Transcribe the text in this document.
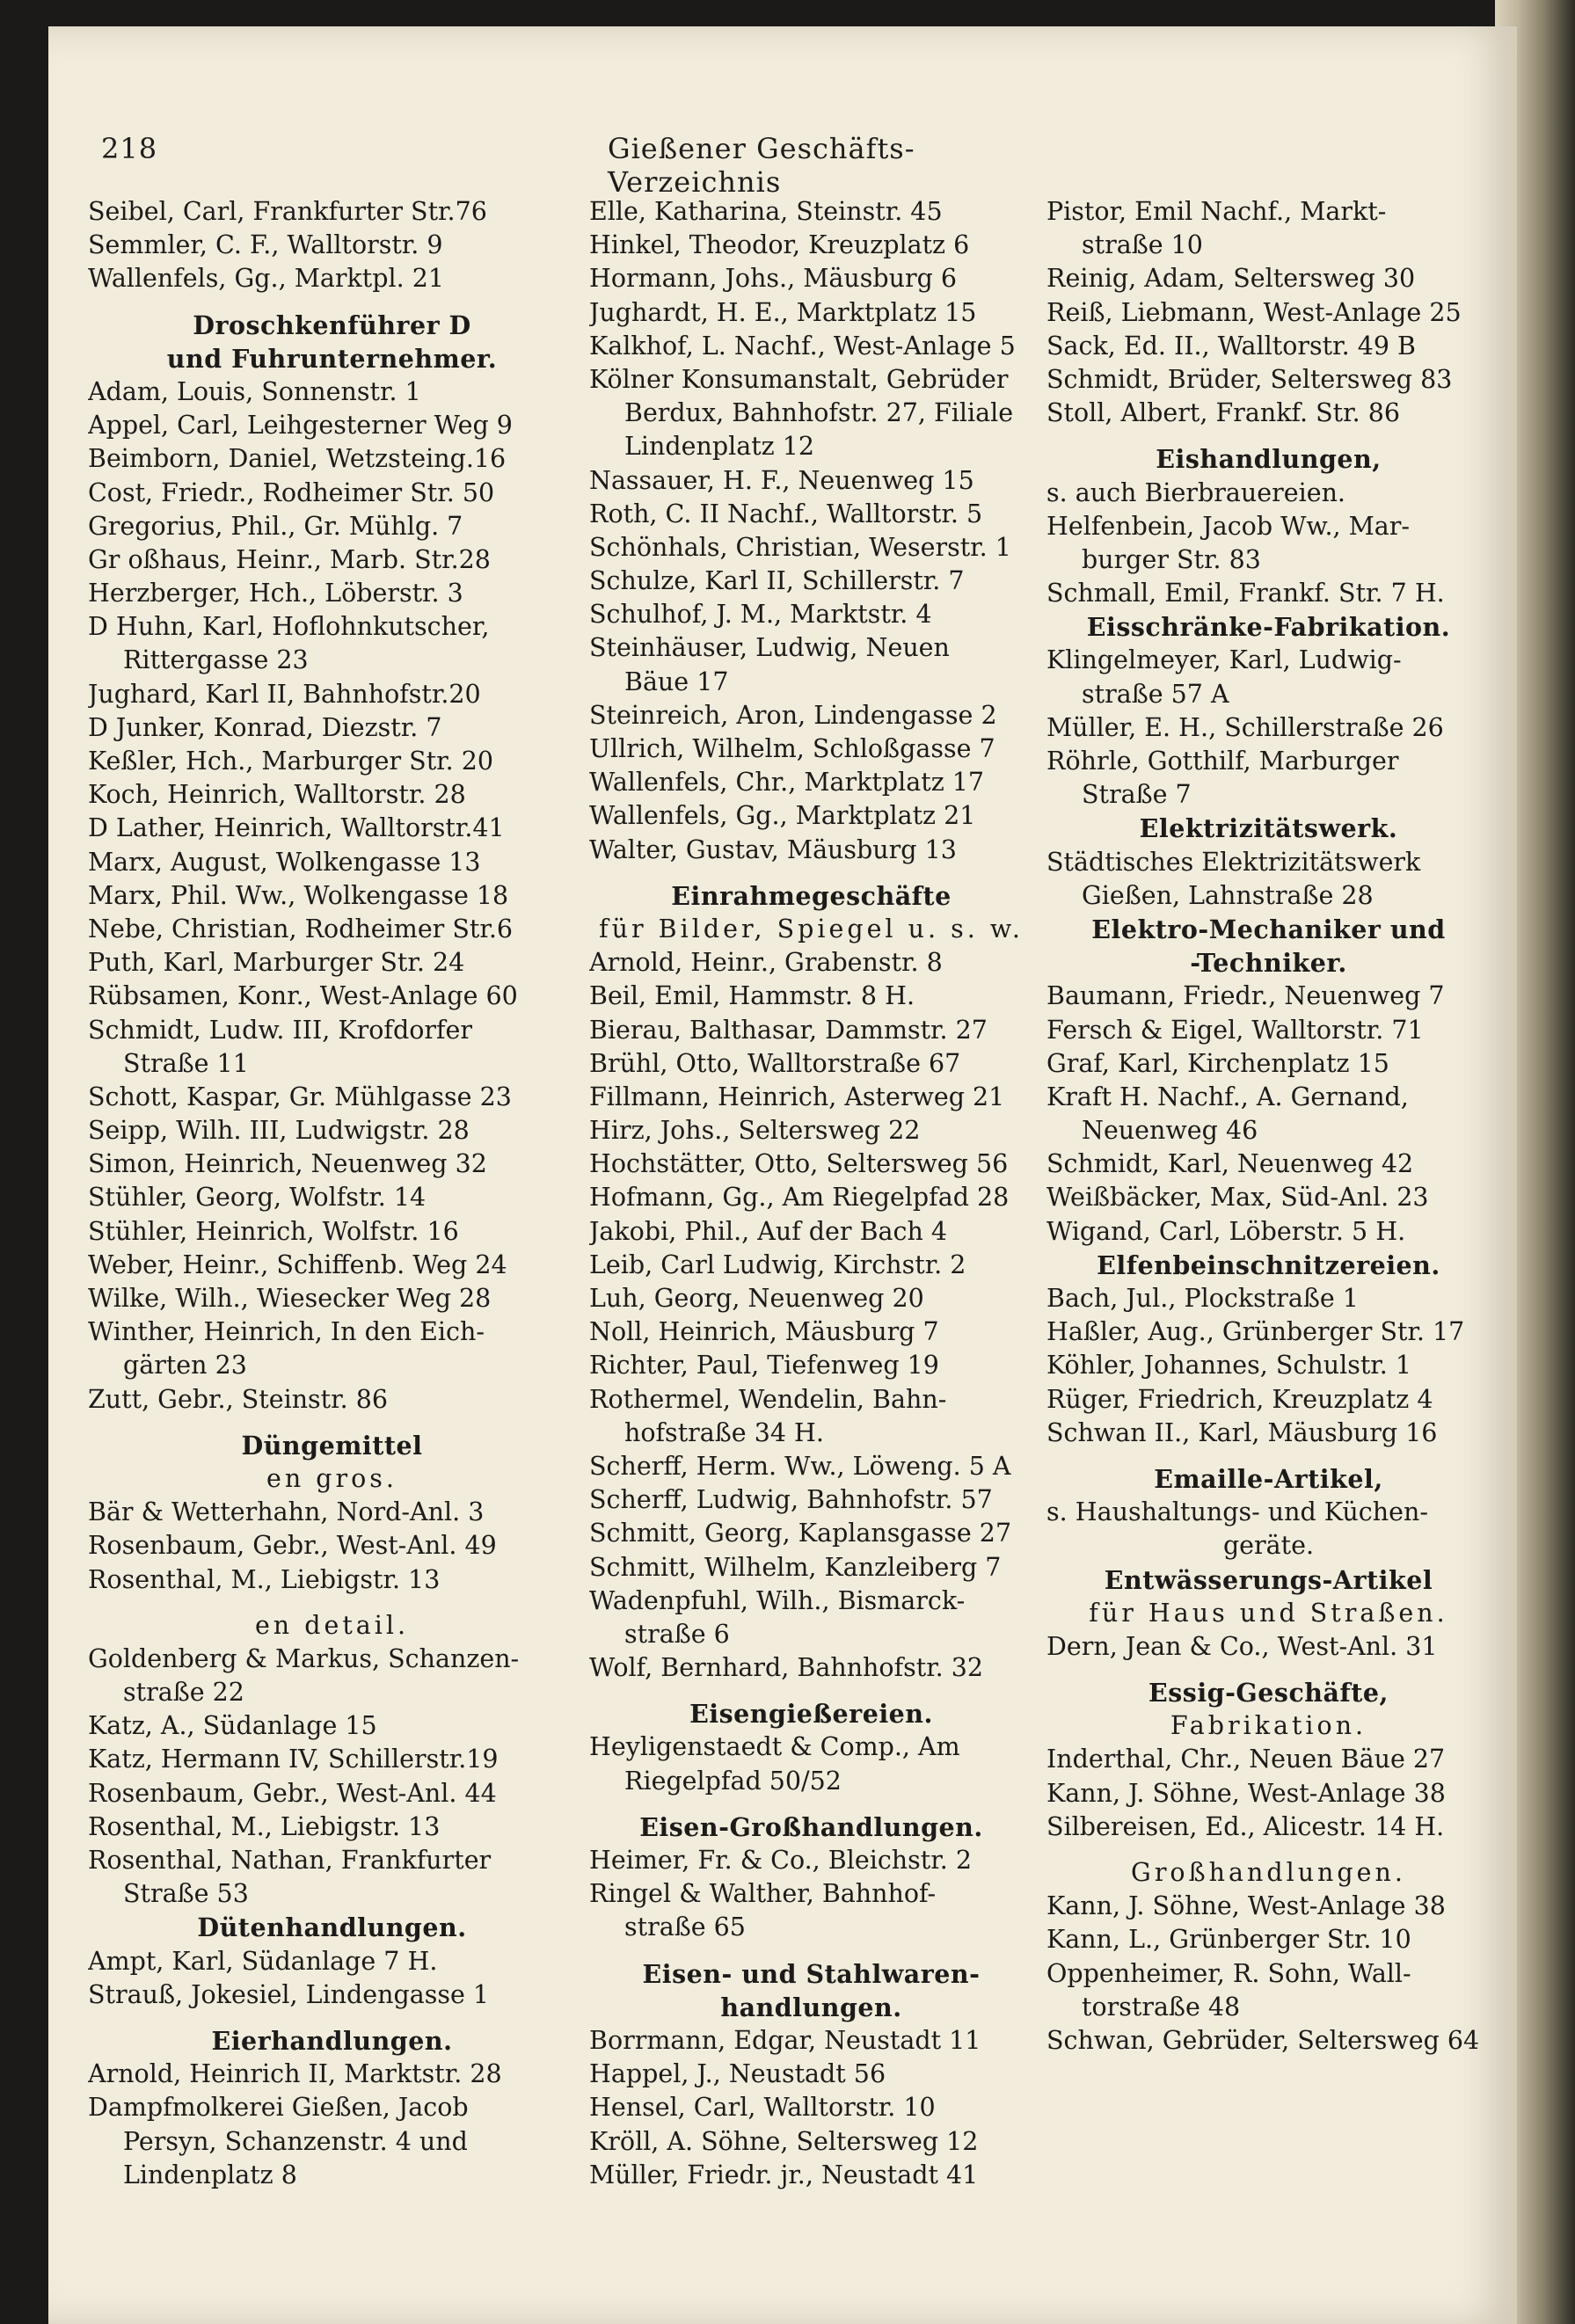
218	Gießener Geschäfts-Verzeichnis
Seibel, Carl, Frankfurter Str.76
Semmler, C. F., Walltorstr. 9
Wallenfels, Gg., Marktpl. 21
Droschkenführer D
und Fuhrunternehmer.
Adam, Louis, Sonnenstr. 1
Appel, Carl, Leihgesterner Weg 9
Beimborn, Daniel, Wetzsteing.16
Cost, Friedr., Rodheimer Str. 50
Gregorius, Phil., Gr. Mühlg. 7
Gr oßhaus, Heinr., Marb. Str.28
Herzberger, Hch., Löberstr. 3
D Huhn, Karl, Hoflohnkutscher,
Rittergasse 23
Jughard, Karl II, Bahnhofstr.20
D Junker, Konrad, Diezstr. 7
Keßler, Hch., Marburger Str. 20
Koch, Heinrich, Walltorstr. 28
D Lather, Heinrich, Walltorstr.41
Marx, August, Wolkengasse 13
Marx, Phil. Ww., Wolkengasse 18
Nebe, Christian, Rodheimer Str.6
Puth, Karl, Marburger Str. 24
Rübsamen, Konr., West-Anlage 60
Schmidt, Ludw. III, Krofdorfer
Straße 11
Schott, Kaspar, Gr. Mühlgasse 23
Seipp, Wilh. III, Ludwigstr. 28
Simon, Heinrich, Neuenweg 32
Stühler, Georg, Wolfstr. 14
Stühler, Heinrich, Wolfstr. 16
Weber, Heinr., Schiffenb. Weg 24
Wilke, Wilh., Wiesecker Weg 28
Winther, Heinrich, In den Eich-
gärten 23
Zutt, Gebr., Steinstr. 86
Düngemittel
en gros.
Bär & Wetterhahn, Nord-Anl. 3
Rosenbaum, Gebr., West-Anl. 49
Rosenthal, M., Liebigstr. 13
en detail.
Goldenberg & Markus, Schanzen-
straße 22
Katz, A., Südanlage 15
Katz, Hermann IV, Schillerstr.19
Rosenbaum, Gebr., West-Anl. 44
Rosenthal, M., Liebigstr. 13
Rosenthal, Nathan, Frankfurter
Straße 53
Dütenhandlungen.
Ampt, Karl, Südanlage 7 H.
Strauß, Jokesiel, Lindengasse 1
Eierhandlungen.
Arnold, Heinrich II, Marktstr. 28
Dampfmolkerei Gießen, Jacob
Persyn, Schanzenstr. 4 und
Lindenplatz 8
Elle, Katharina, Steinstr. 45
Hinkel, Theodor, Kreuzplatz 6
Hormann, Johs., Mäusburg 6
Jughardt, H. E., Marktplatz 15
Kalkhof, L. Nachf., West-Anlage 5
Kölner Konsumanstalt, Gebrüder
Berdux, Bahnhofstr. 27, Filiale
Lindenplatz 12
Nassauer, H. F., Neuenweg 15
Roth, C. II Nachf., Walltorstr. 5
Schönhals, Christian, Weserstr. 1
Schulze, Karl II, Schillerstr. 7
Schulhof, J. M., Marktstr. 4
Steinhäuser, Ludwig, Neuen
Bäue 17
Steinreich, Aron, Lindengasse 2
Ullrich, Wilhelm, Schloßgasse 7
Wallenfels, Chr., Marktplatz 17
Wallenfels, Gg., Marktplatz 21
Walter, Gustav, Mäusburg 13
Einrahmegeschäfte
für Bilder, Spiegel u. s. w.
Arnold, Heinr., Grabenstr. 8
Beil, Emil, Hammstr. 8 H.
Bierau, Balthasar, Dammstr. 27
Brühl, Otto, Walltorstraße 67
Fillmann, Heinrich, Asterweg 21
Hirz, Johs., Seltersweg 22
Hochstätter, Otto, Seltersweg 56
Hofmann, Gg., Am Riegelpfad 28
Jakobi, Phil., Auf der Bach 4
Leib, Carl Ludwig, Kirchstr. 2
Luh, Georg, Neuenweg 20
Noll, Heinrich, Mäusburg 7
Richter, Paul, Tiefenweg 19
Rothermel, Wendelin, Bahn-
hofstraße 34 H.
Scherff, Herm. Ww., Löweng. 5 A
Scherff, Ludwig, Bahnhofstr. 57
Schmitt, Georg, Kaplansgasse 27
Schmitt, Wilhelm, Kanzleiberg 7
Wadenpfuhl, Wilh., Bismarck-
straße 6
Wolf, Bernhard, Bahnhofstr. 32
Eisengießereien.
Heyligenstaedt & Comp., Am
Riegelpfad 50/52
Eisen-Großhandlungen.
Heimer, Fr. & Co., Bleichstr. 2
Ringel & Walther, Bahnhof-
straße 65
Eisen- und Stahlwaren-
handlungen.
Borrmann, Edgar, Neustadt 11
Happel, J., Neustadt 56
Hensel, Carl, Walltorstr. 10
Kröll, A. Söhne, Seltersweg 12
Müller, Friedr. jr., Neustadt 41
Pistor, Emil Nachf., Markt-
straße 10
Reinig, Adam, Seltersweg 30
Reiß, Liebmann, West-Anlage 25
Sack, Ed. II., Walltorstr. 49 B
Schmidt, Brüder, Seltersweg 83
Stoll, Albert, Frankf. Str. 86
Eishandlungen,
s. auch Bierbrauereien.
Helfenbein, Jacob Ww., Mar-
burger Str. 83
Schmall, Emil, Frankf. Str. 7 H.
Eisschränke-Fabrikation.
Klingelmeyer, Karl, Ludwig-
straße 57 A
Müller, E. H., Schillerstraße 26
Röhrle, Gotthilf, Marburger
Straße 7
Elektrizitätswerk.
Städtisches Elektrizitätswerk
Gießen, Lahnstraße 28
Elektro-Mechaniker und
-Techniker.
Baumann, Friedr., Neuenweg 7
Fersch & Eigel, Walltorstr. 71
Graf, Karl, Kirchenplatz 15
Kraft H. Nachf., A. Gernand,
Neuenweg 46
Schmidt, Karl, Neuenweg 42
Weißbäcker, Max, Süd-Anl. 23
Wigand, Carl, Löberstr. 5 H.
Elfenbeinschnitzereien.
Bach, Jul., Plockstraße 1
Haßler, Aug., Grünberger Str. 17
Köhler, Johannes, Schulstr. 1
Rüger, Friedrich, Kreuzplatz 4
Schwan II., Karl, Mäusburg 16
Emaille-Artikel,
s. Haushaltungs- und Küchen-
geräte.
Entwässerungs-Artikel
für Haus und Straßen.
Dern, Jean & Co., West-Anl. 31
Essig-Geschäfte,
Fabrikation.
Inderthal, Chr., Neuen Bäue 27
Kann, J. Söhne, West-Anlage 38
Silbereisen, Ed., Alicestr. 14 H.
Großhandlungen.
Kann, J. Söhne, West-Anlage 38
Kann, L., Grünberger Str. 10
Oppenheimer, R. Sohn, Wall-
torstraße 48
Schwan, Gebrüder, Seltersweg 64
